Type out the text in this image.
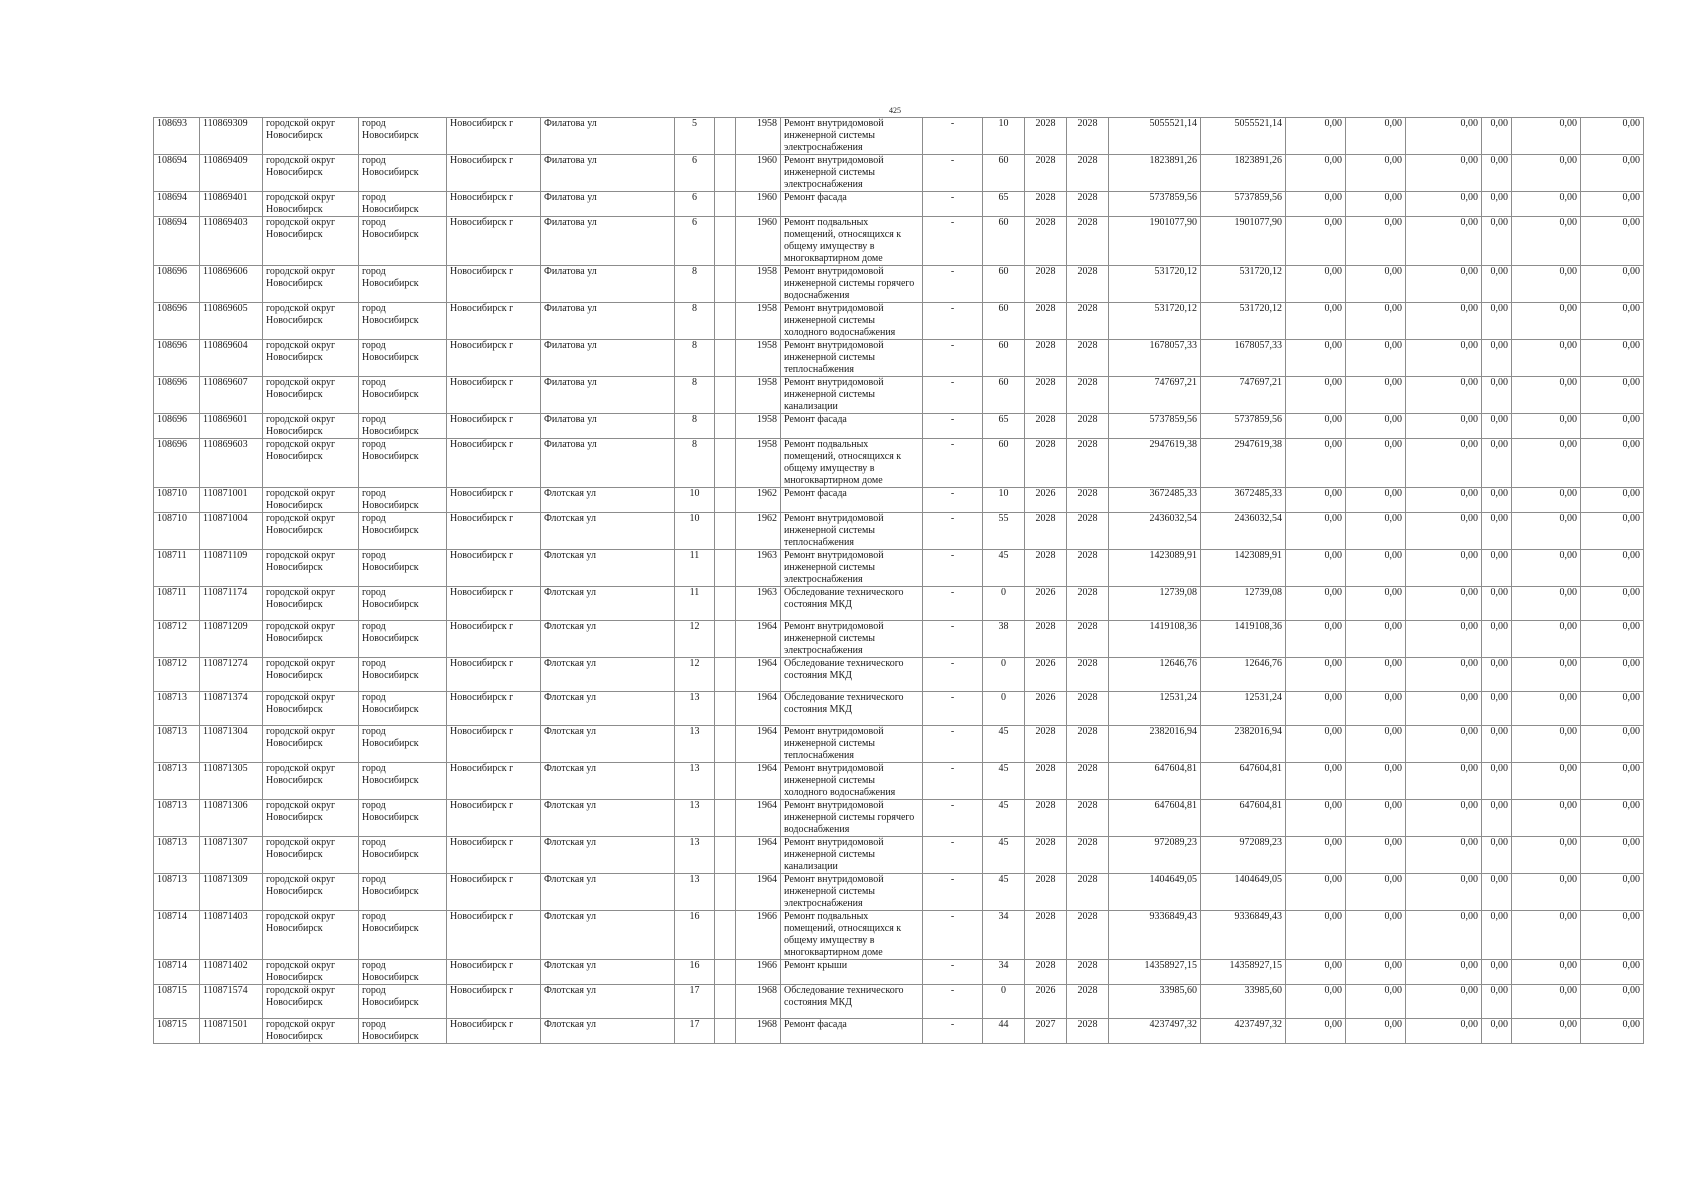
425
108693	110869309	городской округ Новосибирск	город Новосибирск	Новосибирск г	Филатова ул	5		1958	Ремонт внутридомовой инженерной системы электроснабжения	-	10	2028	2028	5055521,14	5055521,14	0,00	0,00	0,00	0,00	0,00	0,00
108694	110869409	городской округ Новосибирск	город Новосибирск	Новосибирск г	Филатова ул	6		1960	Ремонт внутридомовой инженерной системы электроснабжения	-	60	2028	2028	1823891,26	1823891,26	0,00	0,00	0,00	0,00	0,00	0,00
108694	110869401	городской округ Новосибирск	город Новосибирск	Новосибирск г	Филатова ул	6		1960	Ремонт фасада	-	65	2028	2028	5737859,56	5737859,56	0,00	0,00	0,00	0,00	0,00	0,00
108694	110869403	городской округ Новосибирск	город Новосибирск	Новосибирск г	Филатова ул	6		1960	Ремонт подвальных помещений, относящихся к общему имуществу в многоквартирном доме	-	60	2028	2028	1901077,90	1901077,90	0,00	0,00	0,00	0,00	0,00	0,00
108696	110869606	городской округ Новосибирск	город Новосибирск	Новосибирск г	Филатова ул	8		1958	Ремонт внутридомовой инженерной системы горячего водоснабжения	-	60	2028	2028	531720,12	531720,12	0,00	0,00	0,00	0,00	0,00	0,00
108696	110869605	городской округ Новосибирск	город Новосибирск	Новосибирск г	Филатова ул	8		1958	Ремонт внутридомовой инженерной системы холодного водоснабжения	-	60	2028	2028	531720,12	531720,12	0,00	0,00	0,00	0,00	0,00	0,00
108696	110869604	городской округ Новосибирск	город Новосибирск	Новосибирск г	Филатова ул	8		1958	Ремонт внутридомовой инженерной системы теплоснабжения	-	60	2028	2028	1678057,33	1678057,33	0,00	0,00	0,00	0,00	0,00	0,00
108696	110869607	городской округ Новосибирск	город Новосибирск	Новосибирск г	Филатова ул	8		1958	Ремонт внутридомовой инженерной системы канализации	-	60	2028	2028	747697,21	747697,21	0,00	0,00	0,00	0,00	0,00	0,00
108696	110869601	городской округ Новосибирск	город Новосибирск	Новосибирск г	Филатова ул	8		1958	Ремонт фасада	-	65	2028	2028	5737859,56	5737859,56	0,00	0,00	0,00	0,00	0,00	0,00
108696	110869603	городской округ Новосибирск	город Новосибирск	Новосибирск г	Филатова ул	8		1958	Ремонт подвальных помещений, относящихся к общему имуществу в многоквартирном доме	-	60	2028	2028	2947619,38	2947619,38	0,00	0,00	0,00	0,00	0,00	0,00
108710	110871001	городской округ Новосибирск	город Новосибирск	Новосибирск г	Флотская ул	10		1962	Ремонт фасада	-	10	2026	2028	3672485,33	3672485,33	0,00	0,00	0,00	0,00	0,00	0,00
108710	110871004	городской округ Новосибирск	город Новосибирск	Новосибирск г	Флотская ул	10		1962	Ремонт внутридомовой инженерной системы теплоснабжения	-	55	2028	2028	2436032,54	2436032,54	0,00	0,00	0,00	0,00	0,00	0,00
108711	110871109	городской округ Новосибирск	город Новосибирск	Новосибирск г	Флотская ул	11		1963	Ремонт внутридомовой инженерной системы электроснабжения	-	45	2028	2028	1423089,91	1423089,91	0,00	0,00	0,00	0,00	0,00	0,00
108711	110871174	городской округ Новосибирск	город Новосибирск	Новосибирск г	Флотская ул	11		1963	Обследование технического состояния МКД	-	0	2026	2028	12739,08	12739,08	0,00	0,00	0,00	0,00	0,00	0,00
108712	110871209	городской округ Новосибирск	город Новосибирск	Новосибирск г	Флотская ул	12		1964	Ремонт внутридомовой инженерной системы электроснабжения	-	38	2028	2028	1419108,36	1419108,36	0,00	0,00	0,00	0,00	0,00	0,00
108712	110871274	городской округ Новосибирск	город Новосибирск	Новосибирск г	Флотская ул	12		1964	Обследование технического состояния МКД	-	0	2026	2028	12646,76	12646,76	0,00	0,00	0,00	0,00	0,00	0,00
108713	110871374	городской округ Новосибирск	город Новосибирск	Новосибирск г	Флотская ул	13		1964	Обследование технического состояния МКД	-	0	2026	2028	12531,24	12531,24	0,00	0,00	0,00	0,00	0,00	0,00
108713	110871304	городской округ Новосибирск	город Новосибирск	Новосибирск г	Флотская ул	13		1964	Ремонт внутридомовой инженерной системы теплоснабжения	-	45	2028	2028	2382016,94	2382016,94	0,00	0,00	0,00	0,00	0,00	0,00
108713	110871305	городской округ Новосибирск	город Новосибирск	Новосибирск г	Флотская ул	13		1964	Ремонт внутридомовой инженерной системы холодного водоснабжения	-	45	2028	2028	647604,81	647604,81	0,00	0,00	0,00	0,00	0,00	0,00
108713	110871306	городской округ Новосибирск	город Новосибирск	Новосибирск г	Флотская ул	13		1964	Ремонт внутридомовой инженерной системы горячего водоснабжения	-	45	2028	2028	647604,81	647604,81	0,00	0,00	0,00	0,00	0,00	0,00
108713	110871307	городской округ Новосибирск	город Новосибирск	Новосибирск г	Флотская ул	13		1964	Ремонт внутридомовой инженерной системы канализации	-	45	2028	2028	972089,23	972089,23	0,00	0,00	0,00	0,00	0,00	0,00
108713	110871309	городской округ Новосибирск	город Новосибирск	Новосибирск г	Флотская ул	13		1964	Ремонт внутридомовой инженерной системы электроснабжения	-	45	2028	2028	1404649,05	1404649,05	0,00	0,00	0,00	0,00	0,00	0,00
108714	110871403	городской округ Новосибирск	город Новосибирск	Новосибирск г	Флотская ул	16		1966	Ремонт подвальных помещений, относящихся к общему имуществу в многоквартирном доме	-	34	2028	2028	9336849,43	9336849,43	0,00	0,00	0,00	0,00	0,00	0,00
108714	110871402	городской округ Новосибирск	город Новосибирск	Новосибирск г	Флотская ул	16		1966	Ремонт крыши	-	34	2028	2028	14358927,15	14358927,15	0,00	0,00	0,00	0,00	0,00	0,00
108715	110871574	городской округ Новосибирск	город Новосибирск	Новосибирск г	Флотская ул	17		1968	Обследование технического состояния МКД	-	0	2026	2028	33985,60	33985,60	0,00	0,00	0,00	0,00	0,00	0,00
108715	110871501	городской округ Новосибирск	город Новосибирск	Новосибирск г	Флотская ул	17		1968	Ремонт фасада	-	44	2027	2028	4237497,32	4237497,32	0,00	0,00	0,00	0,00	0,00	0,00
